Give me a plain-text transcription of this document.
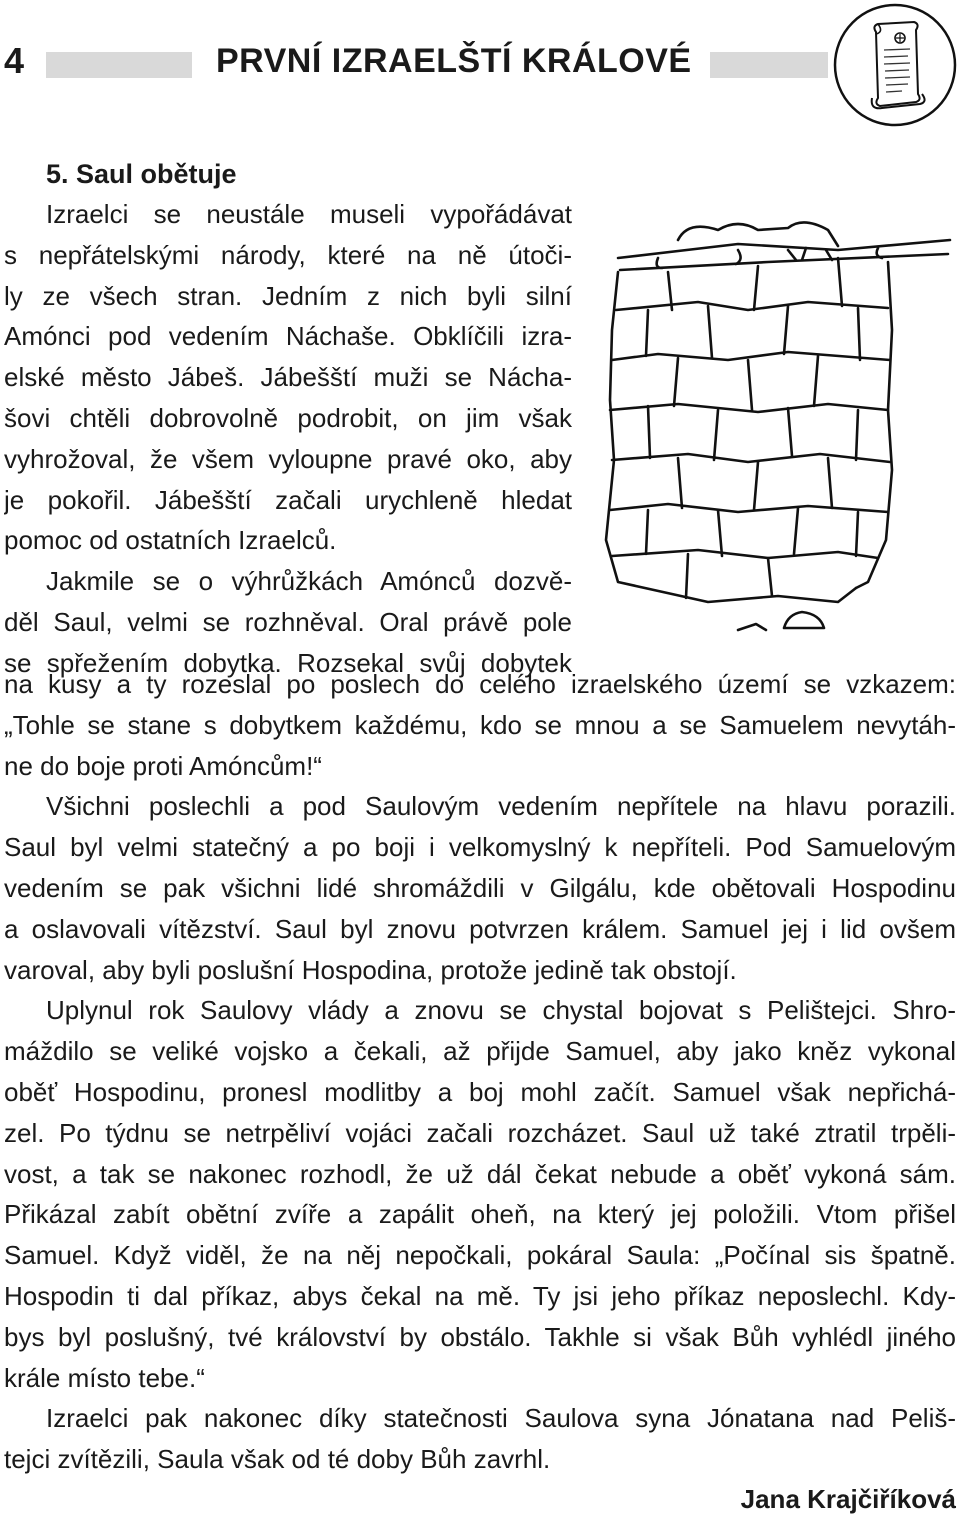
4	PRVNÍ IZRAELŠTÍ KRÁLOVÉ
5. Saul obětuje
Izraelci se neustále museli vypořádávat
s nepřátelskými národy, které na ně útoči-
ly ze všech stran. Jedním z nich byli silní
Amónci pod vedením Náchaše. Obklíčili izra-
elské město Jábeš. Jábešští muži se Nácha-
šovi chtěli dobrovolně podrobit, on jim však
vyhrožoval, že všem vyloupne pravé oko, aby
je pokořil. Jábešští začali urychleně hledat
pomoc od ostatních Izraelců.
Jakmile se o výhrůžkách Amónců dozvě-
děl Saul, velmi se rozhněval. Oral právě pole
se spřežením dobytka. Rozsekal svůj dobytek
na kusy a ty rozeslal po poslech do celého izraelského území se vzkazem:
„Tohle se stane s dobytkem každému, kdo se mnou a se Samuelem nevytáh-
ne do boje proti Amóncům!“
Všichni poslechli a pod Saulovým vedením nepřítele na hlavu porazili.
Saul byl velmi statečný a po boji i velkomyslný k nepříteli. Pod Samuelovým
vedením se pak všichni lidé shromáždili v Gilgálu, kde obětovali Hospodinu
a oslavovali vítězství. Saul byl znovu potvrzen králem. Samuel jej i lid ovšem
varoval, aby byli poslušní Hospodina, protože jedině tak obstojí.
Uplynul rok Saulovy vlády a znovu se chystal bojovat s Pelištejci. Shro-
máždilo se veliké vojsko a čekali, až přijde Samuel, aby jako kněz vykonal
oběť Hospodinu, pronesl modlitby a boj mohl začít. Samuel však nepřichá-
zel. Po týdnu se netrpěliví vojáci začali rozcházet. Saul už také ztratil trpěli-
vost, a tak se nakonec rozhodl, že už dál čekat nebude a oběť vykoná sám.
Přikázal zabít obětní zvíře a zapálit oheň, na který jej položili. Vtom přišel
Samuel. Když viděl, že na něj nepočkali, pokáral Saula: „Počínal sis špatně.
Hospodin ti dal příkaz, abys čekal na mě. Ty jsi jeho příkaz neposlechl. Kdy-
bys byl poslušný, tvé království by obstálo. Takhle si však Bůh vyhlédl jiného
krále místo tebe.“
Izraelci pak nakonec díky statečnosti Saulova syna Jónatana nad Peliš-
tejci zvítězili, Saula však od té doby Bůh zavrhl.
Jana Krajčiříková
